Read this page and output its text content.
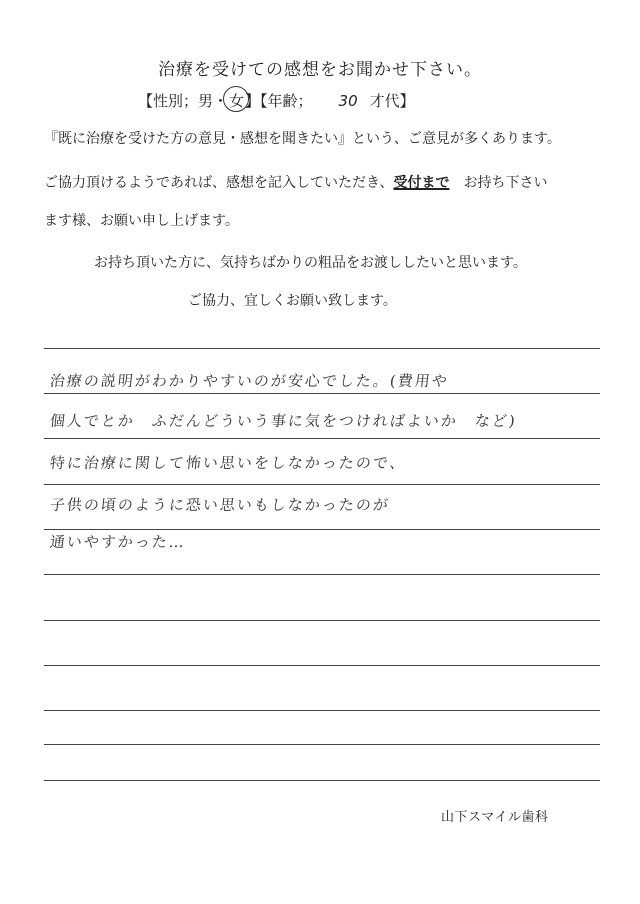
治療を受けての感想をお聞かせ下さい。
【性別；男・女】【年齢； 30 才代】
『既に治療を受けた方の意見・感想を聞きたい』という、ご意見が多くあります。
ご協力頂けるようであれば、感想を記入していただき、受付まで お持ち下さい
ます様、お願い申し上げます。
お持ち頂いた方に、気持ちばかりの粗品をお渡ししたいと思います。
ご協力、宜しくお願い致します。
治療の説明がわかりやすいのが安心でした。(費用や
個人でとか　ふだんどういう事に気をつければよいか　など)
特に治療に関して怖い思いをしなかったので、
子供の頃のように恐い思いもしなかったのが
通いやすかった…
山下スマイル歯科
